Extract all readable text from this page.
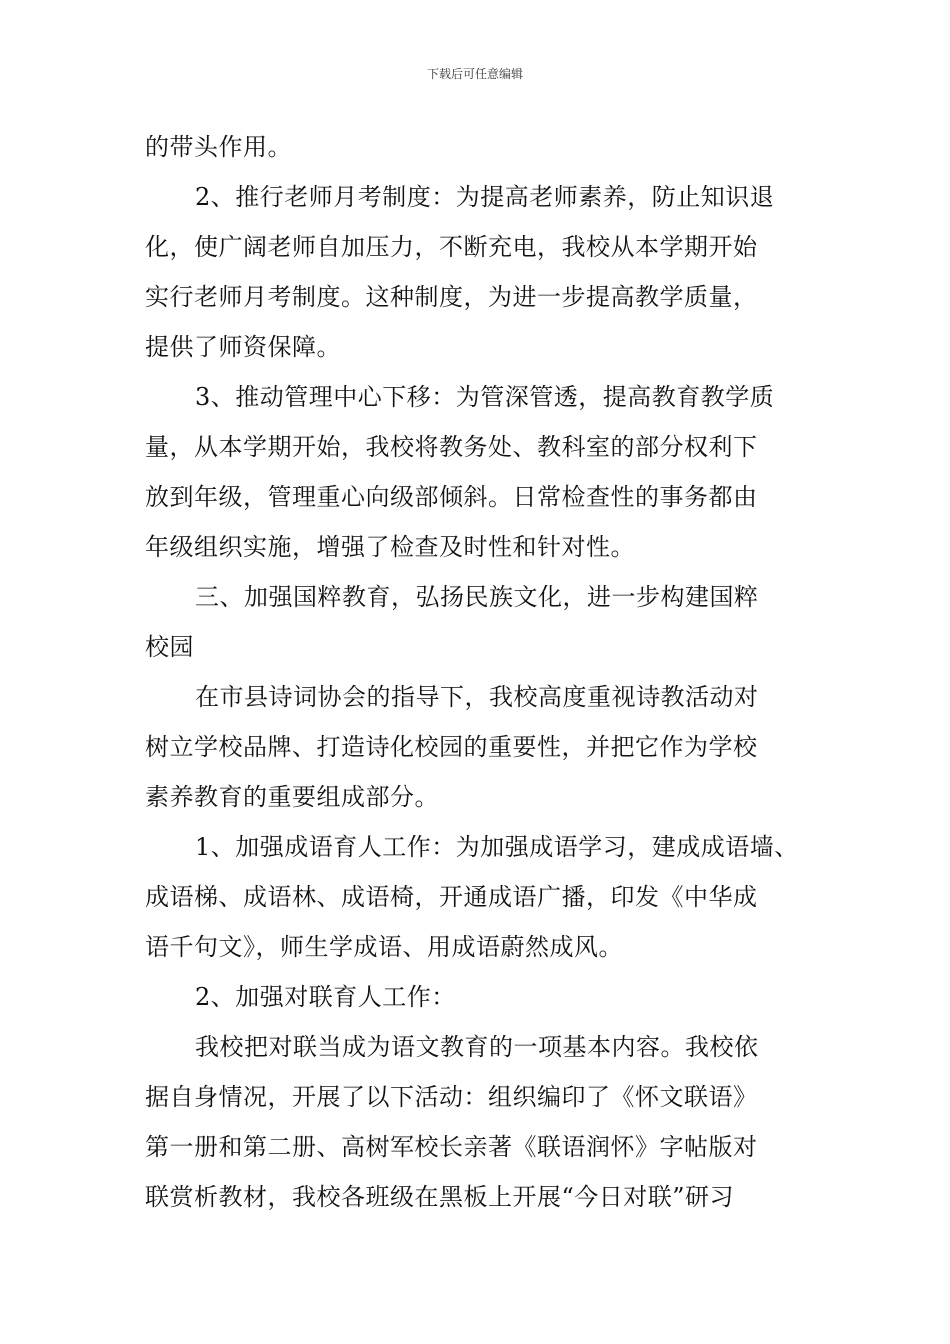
下载后可任意编辑
的带头作用。
2、推行老师月考制度：为提高老师素养，防止知识退
化，使广阔老师自加压力，不断充电，我校从本学期开始
实行老师月考制度。这种制度，为进一步提高教学质量，
提供了师资保障。
3、推动管理中心下移：为管深管透，提高教育教学质
量，从本学期开始，我校将教务处、教科室的部分权利下
放到年级，管理重心向级部倾斜。日常检查性的事务都由
年级组织实施，增强了检查及时性和针对性。
三、加强国粹教育，弘扬民族文化，进一步构建国粹
校园
在市县诗词协会的指导下，我校高度重视诗教活动对
树立学校品牌、打造诗化校园的重要性，并把它作为学校
素养教育的重要组成部分。
1、加强成语育人工作：为加强成语学习，建成成语墙、
成语梯、成语林、成语椅，开通成语广播，印发《中华成
语千句文》，师生学成语、用成语蔚然成风。
2、加强对联育人工作：
我校把对联当成为语文教育的一项基本内容。我校依
据自身情况，开展了以下活动：组织编印了《怀文联语》
第一册和第二册、高树军校长亲著《联语润怀》字帖版对
联赏析教材，我校各班级在黑板上开展“今日对联”研习
